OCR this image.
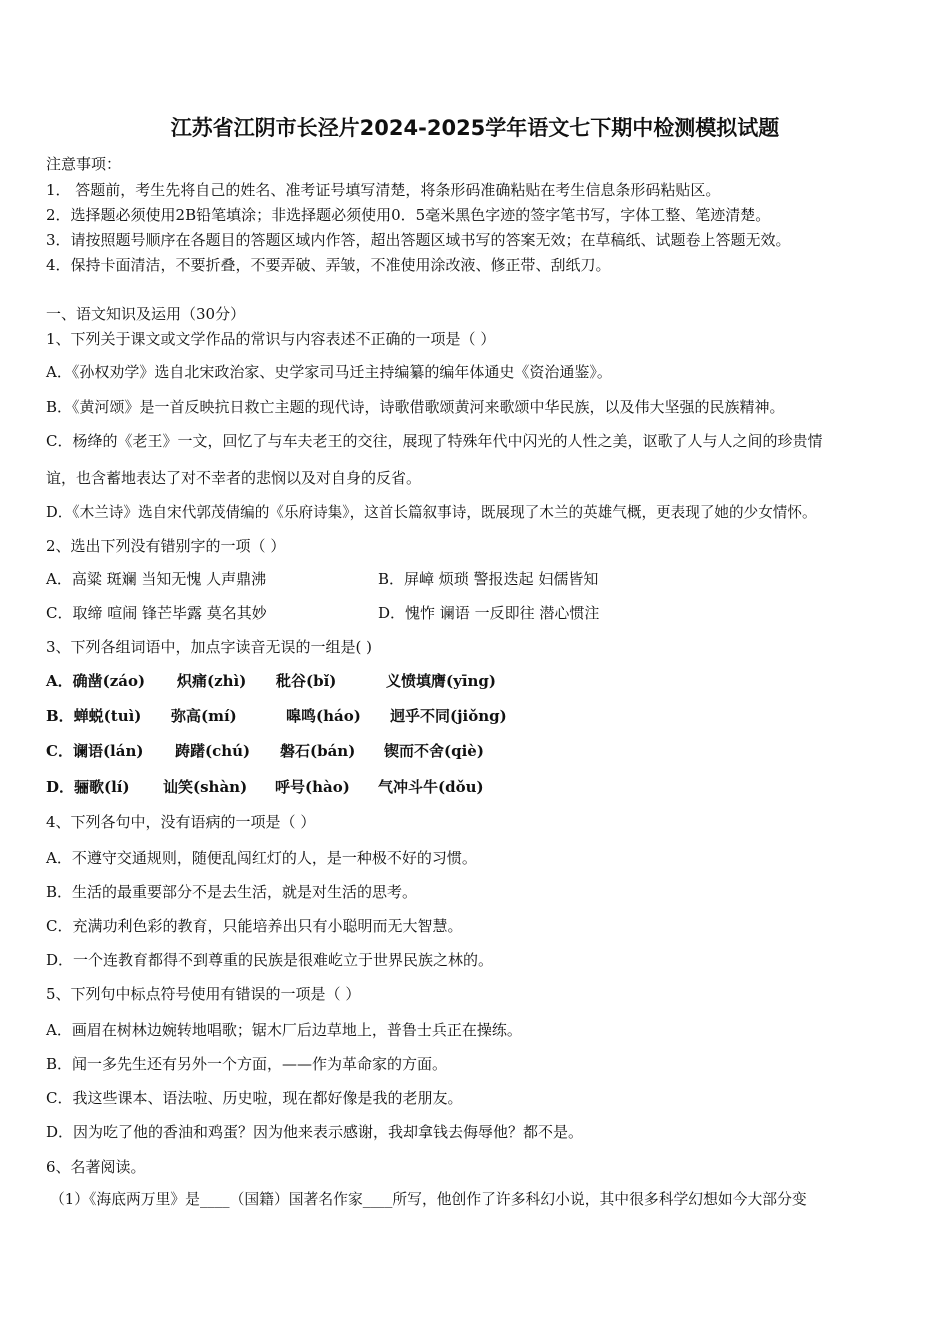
江苏省江阴市长泾片2024-2025学年语文七下期中检测模拟试题
注意事项：
1． 答题前，考生先将自己的姓名、准考证号填写清楚，将条形码准确粘贴在考生信息条形码粘贴区。
2．选择题必须使用2B铅笔填涂；非选择题必须使用0．5毫米黑色字迹的签字笔书写，字体工整、笔迹清楚。
3．请按照题号顺序在各题目的答题区域内作答，超出答题区域书写的答案无效；在草稿纸、试题卷上答题无效。
4．保持卡面清洁，不要折叠，不要弄破、弄皱，不准使用涂改液、修正带、刮纸刀。
一、语文知识及运用（30分）
1、下列关于课文或文学作品的常识与内容表述不正确的一项是（ ）
A．《孙权劝学》选自北宋政治家、史学家司马迁主持编纂的编年体通史《资治通鉴》。
B．《黄河颂》是一首反映抗日救亡主题的现代诗，诗歌借歌颂黄河来歌颂中华民族，以及伟大坚强的民族精神。
C．杨绛的《老王》一文，回忆了与车夫老王的交往，展现了特殊年代中闪光的人性之美，讴歌了人与人之间的珍贵情
谊，也含蓄地表达了对不幸者的悲悯以及对自身的反省。
D．《木兰诗》选自宋代郭茂倩编的《乐府诗集》，这首长篇叙事诗，既展现了木兰的英雄气概，更表现了她的少女情怀。
2、选出下列没有错别字的一项（ ）
A．高粱 斑斓 当知无愧 人声鼎沸	B．屏嶂 烦琐 警报迭起 妇儒皆知
C．取缔 喧闹 锋芒毕露 莫名其妙	D．愧怍 谰语 一反即往 潜心惯注
3、下列各组词语中，加点字读音无误的一组是( )
A．确凿(záo) 炽痛(zhì) 秕谷(bǐ)	义愤填膺(yīng)
B．蝉蜕(tuì) 弥高(mí)	嗥鸣(háo) 迥乎不同(jiǒng)
C．谰语(lán) 踌躇(chú) 磐石(bán) 锲而不舍(qiè)
D．骊歌(lí) 讪笑(shàn) 呼号(hào) 气冲斗牛(dǒu)
4、下列各句中，没有语病的一项是（ ）
A．不遵守交通规则，随便乱闯红灯的人，是一种极不好的习惯。
B．生活的最重要部分不是去生活，就是对生活的思考。
C．充满功利色彩的教育，只能培养出只有小聪明而无大智慧。
D．一个连教育都得不到尊重的民族是很难屹立于世界民族之林的。
5、下列句中标点符号使用有错误的一项是（ ）
A．画眉在树林边婉转地唱歌；锯木厂后边草地上，普鲁士兵正在操练。
B．闻一多先生还有另外一个方面，——作为革命家的方面。
C．我这些课本、语法啦、历史啦，现在都好像是我的老朋友。
D．因为吃了他的香油和鸡蛋？因为他来表示感谢，我却拿钱去侮辱他？都不是。
6、名著阅读。
（1）《海底两万里》是____（国籍）国著名作家____所写，他创作了许多科幻小说，其中很多科学幻想如今大部分变
